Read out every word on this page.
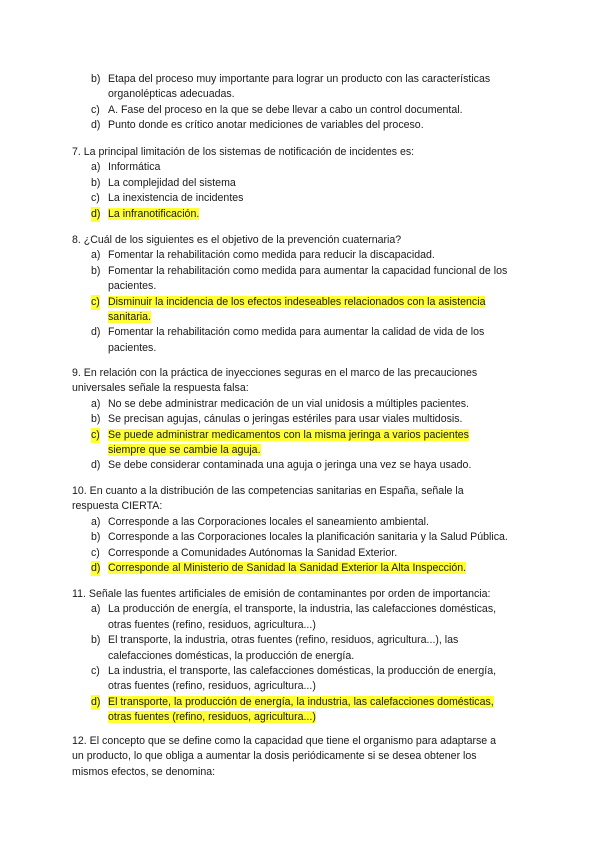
b) Etapa del proceso muy importante para lograr un producto con las características
organolépticas adecuadas.
c) A. Fase del proceso en la que se debe llevar a cabo un control documental.
d) Punto donde es crítico anotar mediciones de variables del proceso.

7. La principal limitación de los sistemas de notificación de incidentes es:

a) Informática
b) La complejidad del sistema
c) La inexistencia de incidentes
d) La infranotificación.

8. ¿Cuál de los siguientes es el objetivo de la prevención cuaternaria?

a) Fomentar la rehabilitación como medida para reducir la discapacidad.
b) Fomentar la rehabilitación como medida para aumentar la capacidad funcional de los
pacientes.
c) Disminuir la incidencia de los efectos indeseables relacionados con la asistencia
sanitaria.
d) Fomentar la rehabilitación como medida para aumentar la calidad de vida de los
pacientes.

9. En relación con la práctica de inyecciones seguras en el marco de las precauciones
universales señale la respuesta falsa:

a) No se debe administrar medicación de un vial unidosis a múltiples pacientes.
b) Se precisan agujas, cánulas o jeringas estériles para usar viales multidosis.
c) Se puede administrar medicamentos con la misma jeringa a varios pacientes
siempre que se cambie la aguja.
d) Se debe considerar contaminada una aguja o jeringa una vez se haya usado.

10. En cuanto a la distribución de las competencias sanitarias en España, señale la
respuesta CIERTA:

a) Corresponde a las Corporaciones locales el saneamiento ambiental.
b) Corresponde a las Corporaciones locales la planificación sanitaria y la Salud Pública.
c) Corresponde a Comunidades Autónomas la Sanidad Exterior.
d) Corresponde al Ministerio de Sanidad la Sanidad Exterior la Alta Inspección.

11. Señale las fuentes artificiales de emisión de contaminantes por orden de importancia:

a) La producción de energía, el transporte, la industria, las calefacciones domésticas,
otras fuentes (refino, residuos, agricultura...)
b) El transporte, la industria, otras fuentes (refino, residuos, agricultura...), las
calefacciones domésticas, la producción de energía.
c) La industria, el transporte, las calefacciones domésticas, la producción de energía,
otras fuentes (refino, residuos, agricultura...)
d) El transporte, la producción de energía, la industria, las calefacciones domésticas,
otras fuentes (refino, residuos, agricultura...)

12. El concepto que se define como la capacidad que tiene el organismo para adaptarse a
un producto, lo que obliga a aumentar la dosis periódicamente si se desea obtener los
mismos efectos, se denomina:
